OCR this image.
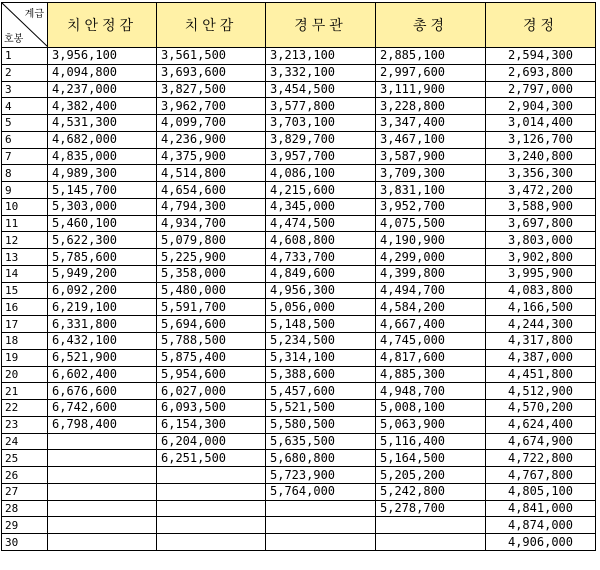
계급
호봉	치안정감	치안감	경무관	총경	경정
1	3,956,100	3,561,500	3,213,100	2,885,100	2,594,300
2	4,094,800	3,693,600	3,332,100	2,997,600	2,693,800
3	4,237,000	3,827,500	3,454,500	3,111,900	2,797,000
4	4,382,400	3,962,700	3,577,800	3,228,800	2,904,300
5	4,531,300	4,099,700	3,703,100	3,347,400	3,014,400
6	4,682,000	4,236,900	3,829,700	3,467,100	3,126,700
7	4,835,000	4,375,900	3,957,700	3,587,900	3,240,800
8	4,989,300	4,514,800	4,086,100	3,709,300	3,356,300
9	5,145,700	4,654,600	4,215,600	3,831,100	3,472,200
10	5,303,000	4,794,300	4,345,000	3,952,700	3,588,900
11	5,460,100	4,934,700	4,474,500	4,075,500	3,697,800
12	5,622,300	5,079,800	4,608,800	4,190,900	3,803,000
13	5,785,600	5,225,900	4,733,700	4,299,000	3,902,800
14	5,949,200	5,358,000	4,849,600	4,399,800	3,995,900
15	6,092,200	5,480,000	4,956,300	4,494,700	4,083,800
16	6,219,100	5,591,700	5,056,000	4,584,200	4,166,500
17	6,331,800	5,694,600	5,148,500	4,667,400	4,244,300
18	6,432,100	5,788,500	5,234,500	4,745,000	4,317,800
19	6,521,900	5,875,400	5,314,100	4,817,600	4,387,000
20	6,602,400	5,954,600	5,388,600	4,885,300	4,451,800
21	6,676,600	6,027,000	5,457,600	4,948,700	4,512,900
22	6,742,600	6,093,500	5,521,500	5,008,100	4,570,200
23	6,798,400	6,154,300	5,580,500	5,063,900	4,624,400
24		6,204,000	5,635,500	5,116,400	4,674,900
25		6,251,500	5,680,800	5,164,500	4,722,800
26			5,723,900	5,205,200	4,767,800
27			5,764,000	5,242,800	4,805,100
28				5,278,700	4,841,000
29					4,874,000
30					4,906,000
